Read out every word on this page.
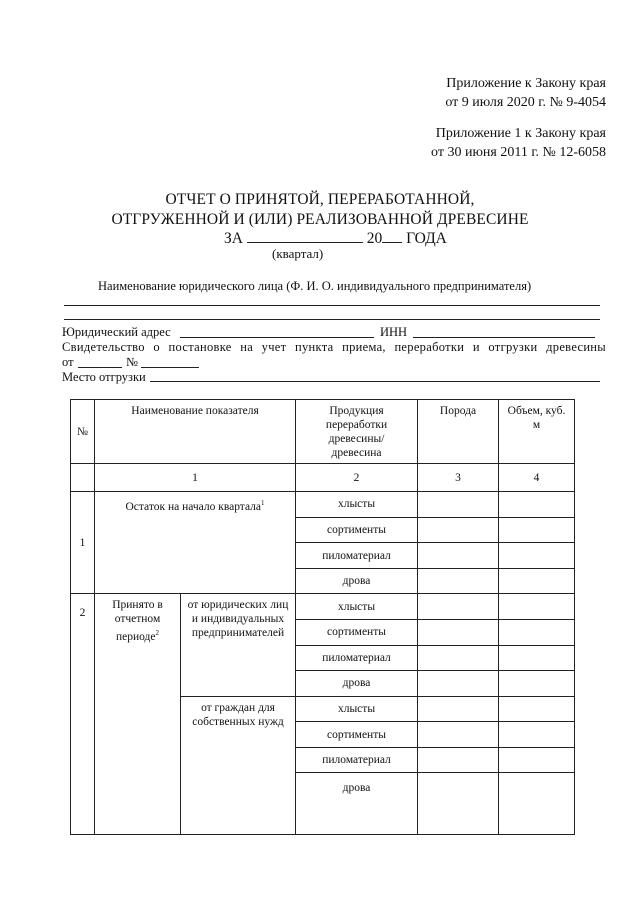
Приложение к Закону края
от 9 июля 2020 г. № 9-4054
Приложение 1 к Закону края
от 30 июня 2011 г. № 12-6058
ОТЧЕТ О ПРИНЯТОЙ, ПЕРЕРАБОТАННОЙ,
ОТГРУЖЕННОЙ И (ИЛИ) РЕАЛИЗОВАННОЙ ДРЕВЕСИНЕ
ЗА	20 ГОДА
(квартал)
Наименование юридического лица (Ф. И. О. индивидуального предпринимателя)
Юридический адрес	ИНН
Свидетельство о постановке на учет пункта приема, переработки и отгрузки древесины
от	№
Место отгрузки
№	Наименование показателя		Продукция переработки древесины/ древесина	Порода	Объем, куб. м
	1		2	3	4
1	Остаток на начало квартала$^1$		хлысты		
			сортименты		
			пиломатериал		
			дрова		
2	Принято в отчетном периоде$^2$	от юридических лиц и индивидуальных предпринимателей	хлысты		
			сортименты		
			пиломатериал		
			дрова		
		от граждан для собственных нужд	хлысты		
			сортименты		
			пиломатериал		
			дрова		
